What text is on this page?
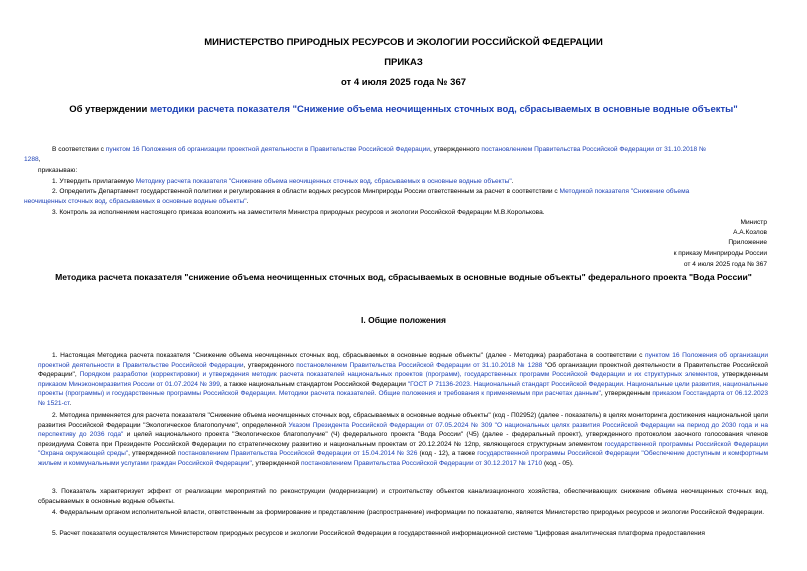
МИНИСТЕРСТВО ПРИРОДНЫХ РЕСУРСОВ И ЭКОЛОГИИ РОССИЙСКОЙ ФЕДЕРАЦИИ
ПРИКАЗ
от 4 июля 2025 года № 367
Об утверждении методики расчета показателя "Снижение объема неочищенных сточных вод, сбрасываемых в основные водные объекты"
В соответствии с пунктом 16 Положения об организации проектной деятельности в Правительстве Российской Федерации, утвержденного постановлением Правительства Российской Федерации от 31.10.2018 №
1288,
приказываю:
1. Утвердить прилагаемую Методику расчета показателя "Снижение объема неочищенных сточных вод, сбрасываемых в основные водные объекты".
2. Определить Департамент государственной политики и регулирования в области водных ресурсов Минприроды России ответственным за расчет в соответствии с Методикой показателя "Снижение объема
неочищенных сточных вод, сбрасываемых в основные водные объекты".
3. Контроль за исполнением настоящего приказа возложить на заместителя Министра природных ресурсов и экологии Российской Федерации М.В.Королькова.
Министр
А.А.Козлов
Приложение
к приказу Минприроды России
от 4 июля 2025 года № 367
Методика расчета показателя "снижение объема неочищенных сточных вод, сбрасываемых в основные водные объекты" федерального проекта "Вода России"
I. Общие положения
1. Настоящая Методика расчета показателя "Снижение объема неочищенных сточных вод, сбрасываемых в основные водные объекты" (далее - Методика) разработана в соответствии с пунктом 16 Положения об организации проектной деятельности в Правительстве Российской Федерации, утвержденного постановлением Правительства Российской Федерации от 31.10.2018 № 1288 "Об организации проектной деятельности в Правительстве Российской Федерации", Порядком разработки (корректировки) и утверждения методик расчета показателей национальных проектов (программ), государственных программ Российской Федерации и их структурных элементов, утвержденным приказом Минэкономразвития России от 01.07.2024 № 399, а также национальным стандартом Российской Федерации "ГОСТ Р 71136-2023. Национальный стандарт Российской Федерации. Национальные цели развития, национальные проекты (программы) и государственные программы Российской Федерации. Методики расчета показателей. Общие положения и требования к применяемым при расчетах данным", утвержденным приказом Госстандарта от 06.12.2023 № 1521-ст.
2. Методика применяется для расчета показателя "Снижение объема неочищенных сточных вод, сбрасываемых в основные водные объекты" (код - П02952) (далее - показатель) в целях мониторинга достижения национальной цели развития Российской Федерации "Экологическое благополучие", определенной Указом Президента Российской Федерации от 07.05.2024 № 309 "О национальных целях развития Российской Федерации на период до 2030 года и на перспективу до 2036 года" и целей национального проекта "Экологическое благополучие" (Ч) федерального проекта "Вода России" (Ч5) (далее - федеральный проект), утвержденного протоколом заочного голосования членов президиума Совета при Президенте Российской Федерации по стратегическому развитию и национальным проектам от 20.12.2024 № 12пр, являющегося структурным элементом государственной программы Российской Федерации "Охрана окружающей среды", утвержденной постановлением Правительства Российской Федерации от 15.04.2014 № 326 (код - 12), а также государственной программы Российской Федерации "Обеспечение доступным и комфортным жильем и коммунальными услугами граждан Российской Федерации", утвержденной постановлением Правительства Российской Федерации от 30.12.2017 № 1710 (код - 05).
3. Показатель характеризует эффект от реализации мероприятий по реконструкции (модернизации) и строительству объектов канализационного хозяйства, обеспечивающих снижение объема неочищенных сточных вод, сбрасываемых в основные водные объекты.
4. Федеральным органом исполнительной власти, ответственным за формирование и представление (распространение) информации по показателю, является Министерство природных ресурсов и экологии Российской Федерации.
5. Расчет показателя осуществляется Министерством природных ресурсов и экологии Российской Федерации в государственной информационной системе "Цифровая аналитическая платформа предоставления
